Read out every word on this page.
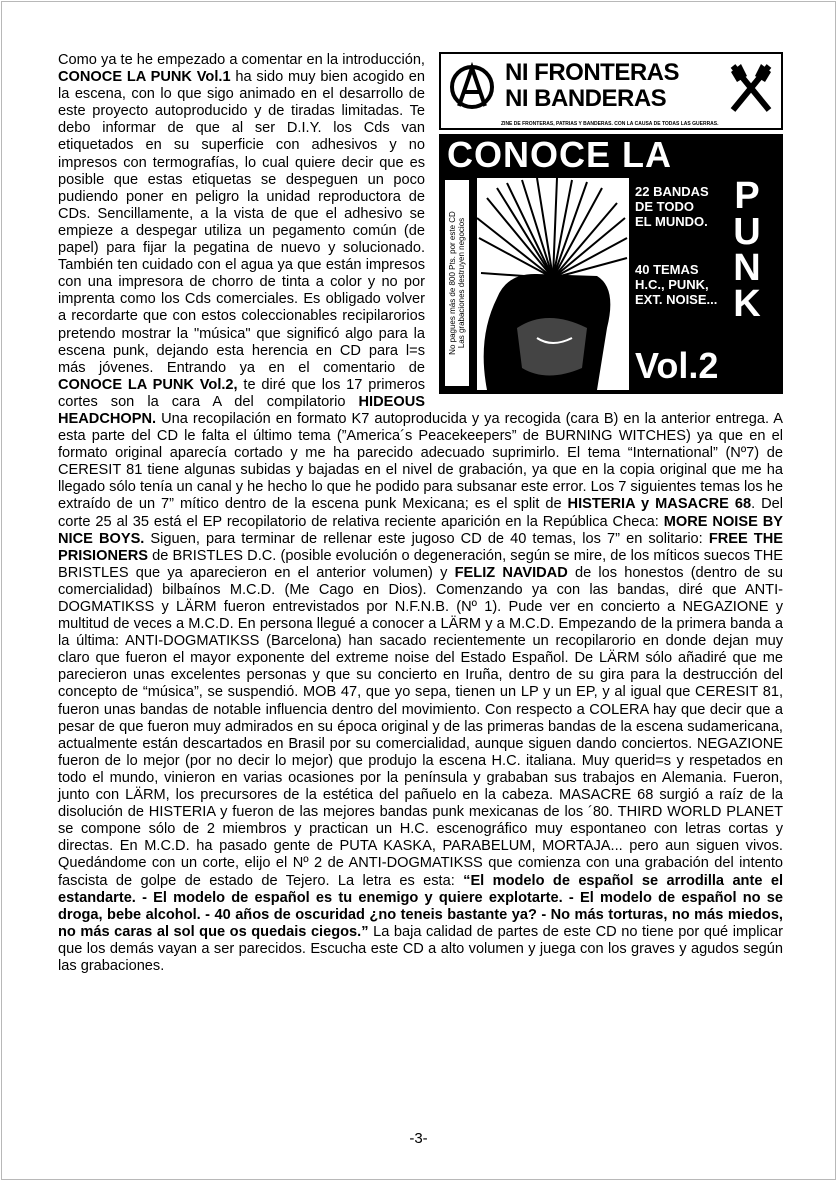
NI FRONTERAS
NI BANDERAS
ZINE DE FRONTERAS, PATRIAS Y BANDERAS. CON LA CAUSA DE TODAS LAS GUERRAS.
CONOCE LA
No pagues más de 800 Pts. por este CD Las grabaciones destruyen negocios
22 BANDAS
DE TODO
EL MUNDO.
40 TEMAS
H.C., PUNK,
EXT. NOISE...
P
U
N
K
Vol.2
Como ya te he empezado a comentar en la introducción, CONOCE LA PUNK Vol.1 ha sido muy bien acogido en la escena, con lo que sigo animado en el desarrollo de este proyecto autoproducido y de tiradas limitadas. Te debo informar de que al ser D.I.Y. los Cds van etiquetados en su superficie con adhesivos y no impresos con termografías, lo cual quiere decir que es posible que estas etiquetas se despeguen un poco pudiendo poner en peligro la unidad reproductora de CDs. Sencillamente, a la vista de que el adhesivo se empieze a despegar utiliza un pegamento común (de papel) para fijar la pegatina de nuevo y solucionado. También ten cuidado con el agua ya que están impresos con una impresora de chorro de tinta a color y no por imprenta como los Cds comerciales. Es obligado volver a recordarte que con estos coleccionables recipilarorios pretendo mostrar la "música" que significó algo para la escena punk, dejando esta herencia en CD para l=s más jóvenes. Entrando ya en el comentario de CONOCE LA PUNK Vol.2, te diré que los 17 primeros cortes son la cara A del compilatorio HIDEOUS HEADCHOPN. Una recopilación en formato K7 autoproducida y ya recogida (cara B) en la anterior entrega. A esta parte del CD le falta el último tema (”America´s Peacekeepers” de BURNING WITCHES) ya que en el formato original aparecía cortado y me ha parecido adecuado suprimirlo. El tema “International” (Nº7) de CERESIT 81 tiene algunas subidas y bajadas en el nivel de grabación, ya que en la copia original que me ha llegado sólo tenía un canal y he hecho lo que he podido para subsanar este error. Los 7 siguientes temas los he extraído de un 7” mítico dentro de la escena punk Mexicana; es el split de HISTERIA y MASACRE 68. Del corte 25 al 35 está el EP recopilatorio de relativa reciente aparición en la República Checa: MORE NOISE BY NICE BOYS. Siguen, para terminar de rellenar este jugoso CD de 40 temas, los 7” en solitario: FREE THE PRISIONERS de BRISTLES D.C. (posible evolución o degeneración, según se mire, de los míticos suecos THE BRISTLES que ya aparecieron en el anterior volumen) y FELIZ NAVIDAD de los honestos (dentro de su comercialidad) bilbaínos M.C.D. (Me Cago en Dios). Comenzando ya con las bandas, diré que ANTI-DOGMATIKSS y LÄRM fueron entrevistados por N.F.N.B. (Nº 1). Pude ver en concierto a NEGAZIONE y multitud de veces a M.C.D. En persona llegué a conocer a LÄRM y a M.C.D. Empezando de la primera banda a la última: ANTI-DOGMATIKSS (Barcelona) han sacado recientemente un recopilarorio en donde dejan muy claro que fueron el mayor exponente del extreme noise del Estado Español. De LÄRM sólo añadiré que me parecieron unas excelentes personas y que su concierto en Iruña, dentro de su gira para la destrucción del concepto de “música”, se suspendió. MOB 47, que yo sepa, tienen un LP y un EP, y al igual que CERESIT 81, fueron unas bandas de notable influencia dentro del movimiento. Con respecto a COLERA hay que decir que a pesar de que fueron muy admirados en su época original y de las primeras bandas de la escena sudamericana, actualmente están descartados en Brasil por su comercialidad, aunque siguen dando conciertos. NEGAZIONE fueron de lo mejor (por no decir lo mejor) que produjo la escena H.C. italiana. Muy querid=s y respetados en todo el mundo, vinieron en varias ocasiones por la península y grababan sus trabajos en Alemania. Fueron, junto con LÄRM, los precursores de la estética del pañuelo en la cabeza. MASACRE 68 surgió a raíz de la disolución de HISTERIA y fueron de las mejores bandas punk mexicanas de los ´80. THIRD WORLD PLANET se compone sólo de 2 miembros y practican un H.C. escenográfico muy espontaneo con letras cortas y directas. En M.C.D. ha pasado gente de PUTA KASKA, PARABELUM, MORTAJA... pero aun siguen vivos. Quedándome con un corte, elijo el Nº 2 de ANTI-DOGMATIKSS que comienza con una grabación del intento fascista de golpe de estado de Tejero. La letra es esta: “El modelo de español se arrodilla ante el estandarte. - El modelo de español es tu enemigo y quiere explotarte. - El modelo de español no se droga, bebe alcohol. - 40 años de oscuridad ¿no teneis bastante ya? - No más torturas, no más miedos, no más caras al sol que os quedais ciegos.” La baja calidad de partes de este CD no tiene por qué implicar que los demás vayan a ser parecidos. Escucha este CD a alto volumen y juega con los graves y agudos según las grabaciones.
-3-
